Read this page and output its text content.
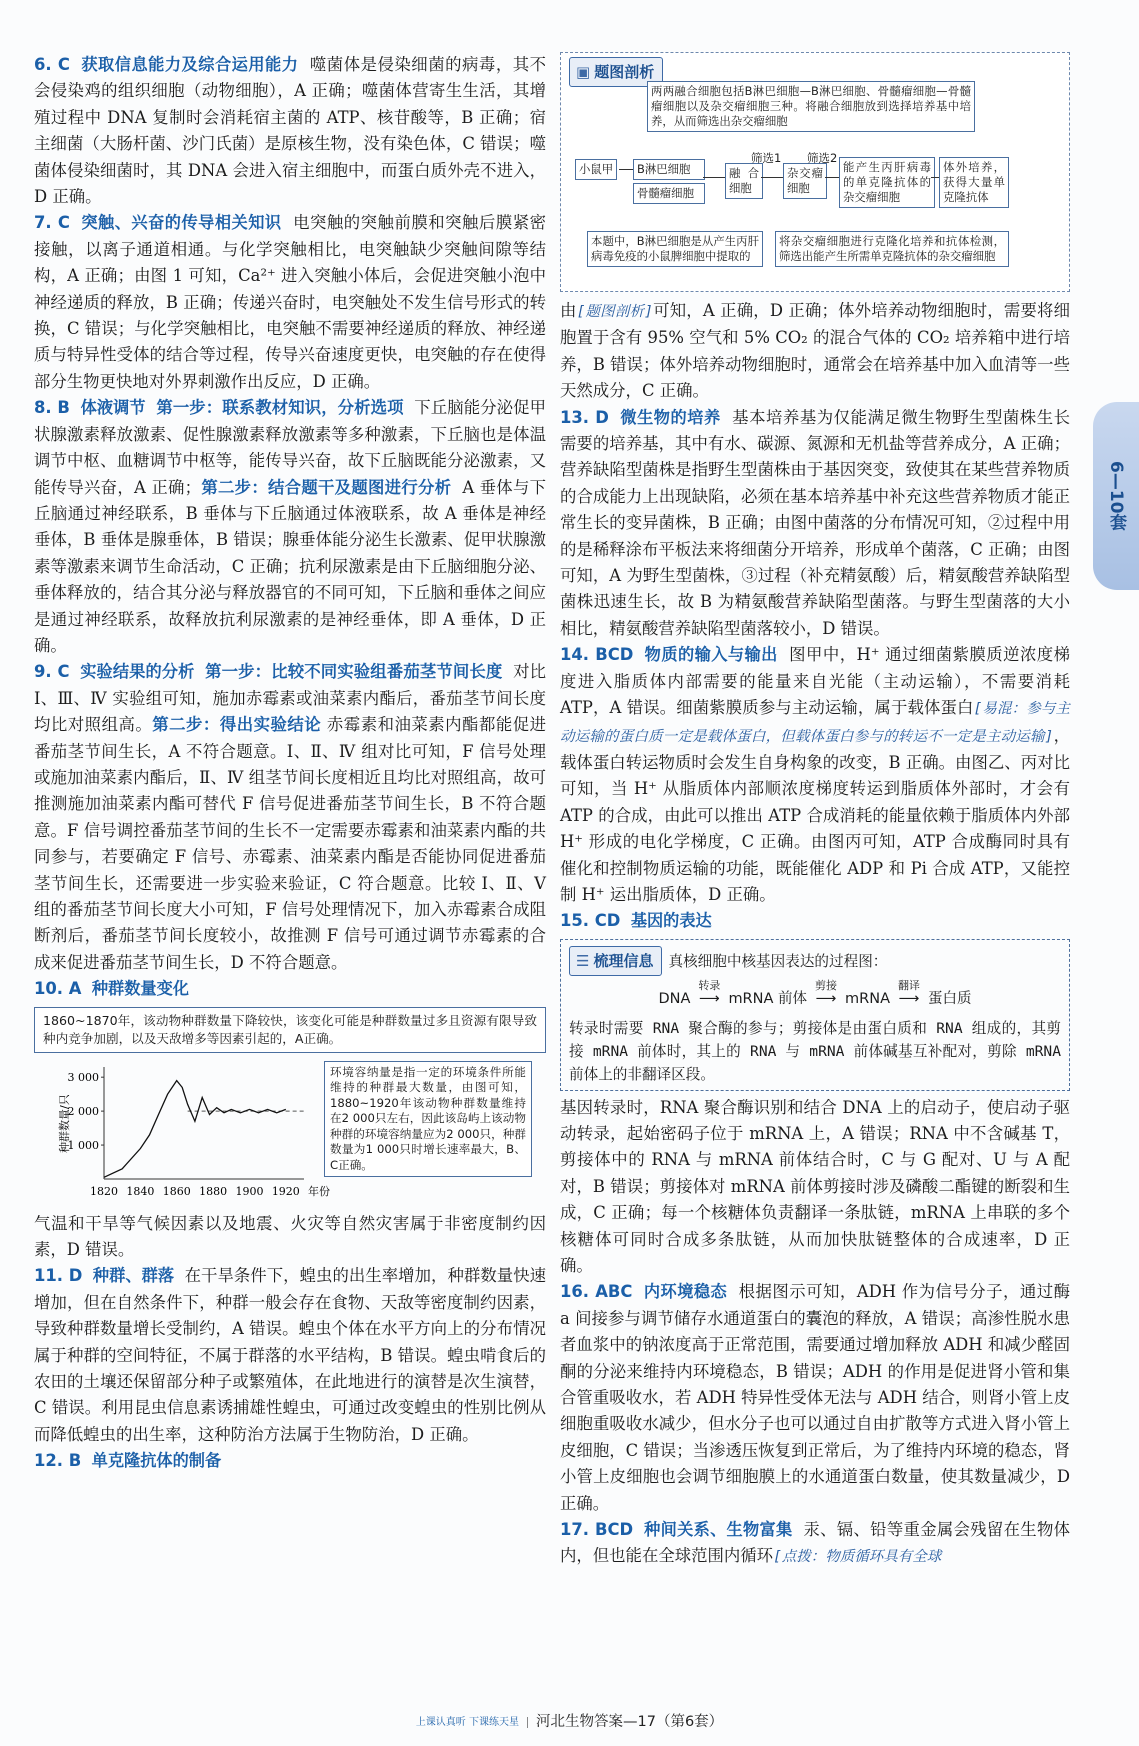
6. C 获取信息能力及综合运用能力 噬菌体是侵染细菌的病毒，其不会侵染鸡的组织细胞（动物细胞），A 正确；噬菌体营寄生生活，其增殖过程中 DNA 复制时会消耗宿主菌的 ATP、核苷酸等，B 正确；宿主细菌（大肠杆菌、沙门氏菌）是原核生物，没有染色体，C 错误；噬菌体侵染细菌时，其 DNA 会进入宿主细胞中，而蛋白质外壳不进入，D 正确。

7. C 突触、兴奋的传导相关知识 电突触的突触前膜和突触后膜紧密接触，以离子通道相通。与化学突触相比，电突触缺少突触间隙等结构，A 正确；由图 1 可知，Ca²⁺ 进入突触小体后，会促进突触小泡中神经递质的释放，B 正确；传递兴奋时，电突触处不发生信号形式的转换，C 错误；与化学突触相比，电突触不需要神经递质的释放、神经递质与特异性受体的结合等过程，传导兴奋速度更快，电突触的存在使得部分生物更快地对外界刺激作出反应，D 正确。

8. B 体液调节 第一步：联系教材知识，分析选项 下丘脑能分泌促甲状腺激素释放激素、促性腺激素释放激素等多种激素，下丘脑也是体温调节中枢、血糖调节中枢等，能传导兴奋，故下丘脑既能分泌激素，又能传导兴奋，A 正确；第二步：结合题干及题图进行分析 A 垂体与下丘脑通过神经联系，B 垂体与下丘脑通过体液联系，故 A 垂体是神经垂体，B 垂体是腺垂体，B 错误；腺垂体能分泌生长激素、促甲状腺激素等激素来调节生命活动，C 正确；抗利尿激素是由下丘脑细胞分泌、垂体释放的，结合其分泌与释放器官的不同可知，下丘脑和垂体之间应是通过神经联系，故释放抗利尿激素的是神经垂体，即 A 垂体，D 正确。

9. C 实验结果的分析 第一步：比较不同实验组番茄茎节间长度 对比 Ⅰ、Ⅲ、Ⅳ 实验组可知，施加赤霉素或油菜素内酯后，番茄茎节间长度均比对照组高。第二步：得出实验结论 赤霉素和油菜素内酯都能促进番茄茎节间生长，A 不符合题意。Ⅰ、Ⅱ、Ⅳ 组对比可知，F 信号处理或施加油菜素内酯后，Ⅱ、Ⅳ 组茎节间长度相近且均比对照组高，故可推测施加油菜素内酯可替代 F 信号促进番茄茎节间生长，B 不符合题意。F 信号调控番茄茎节间的生长不一定需要赤霉素和油菜素内酯的共同参与，若要确定 F 信号、赤霉素、油菜素内酯是否能协同促进番茄茎节间生长，还需要进一步实验来验证，C 符合题意。比较 Ⅰ、Ⅱ、Ⅴ 组的番茄茎节间长度大小可知，F 信号处理情况下，加入赤霉素合成阻断剂后，番茄茎节间长度较小，故推测 F 信号可通过调节赤霉素的合成来促进番茄茎节间生长，D 不符合题意。

10. A 种群数量变化

1860~1870年，该动物种群数量下降较快，该变化可能是种群数量过多且资源有限导致种内竞争加剧，以及天敌增多等因素引起的，A正确。
1 000
2 000
3 000
1820 1840 1860 1880 1900 1920 年份
种群数量/只
环境容纳量是指一定的环境条件所能维持的种群最大数量，由图可知，1880~1920年该动物种群数量维持在2 000只左右，因此该岛屿上该动物种群的环境容纳量应为2 000只，种群数量为1 000只时增长速率最大，B、C正确。

气温和干旱等气候因素以及地震、火灾等自然灾害属于非密度制约因素，D 错误。

11. D 种群、群落 在干旱条件下，蝗虫的出生率增加，种群数量快速增加，但在自然条件下，种群一般会存在食物、天敌等密度制约因素，导致种群数量增长受制约，A 错误。蝗虫个体在水平方向上的分布情况属于种群的空间特征，不属于群落的水平结构，B 错误。蝗虫啃食后的农田的土壤还保留部分种子或繁殖体，在此地进行的演替是次生演替，C 错误。利用昆虫信息素诱捕雄性蝗虫，可通过改变蝗虫的性别比例从而降低蝗虫的出生率，这种防治方法属于生物防治，D 正确。

12. B 单克隆抗体的制备

▣ 题图剖析
两两融合细胞包括B淋巴细胞—B淋巴细胞、骨髓瘤细胞—骨髓瘤细胞以及杂交瘤细胞三种。将融合细胞放到选择培养基中培养，从而筛选出杂交瘤细胞
小鼠甲	B淋巴细胞
骨髓瘤细胞
融合细胞
筛选1
杂交瘤细胞
筛选2
能产生丙肝病毒的单克隆抗体的杂交瘤细胞
体外培养，获得大量单克隆抗体
本题中，B淋巴细胞是从产生丙肝病毒免疫的小鼠脾细胞中提取的
将杂交瘤细胞进行克隆化培养和抗体检测，筛选出能产生所需单克隆抗体的杂交瘤细胞

由[题图剖析]可知，A 正确，D 正确；体外培养动物细胞时，需要将细胞置于含有 95% 空气和 5% CO₂ 的混合气体的 CO₂ 培养箱中进行培养，B 错误；体外培养动物细胞时，通常会在培养基中加入血清等一些天然成分，C 正确。

13. D 微生物的培养 基本培养基为仅能满足微生物野生型菌株生长需要的培养基，其中有水、碳源、氮源和无机盐等营养成分，A 正确；营养缺陷型菌株是指野生型菌株由于基因突变，致使其在某些营养物质的合成能力上出现缺陷，必须在基本培养基中补充这些营养物质才能正常生长的变异菌株，B 正确；由图中菌落的分布情况可知，②过程中用的是稀释涂布平板法来将细菌分开培养，形成单个菌落，C 正确；由图可知，A 为野生型菌株，③过程（补充精氨酸）后，精氨酸营养缺陷型菌株迅速生长，故 B 为精氨酸营养缺陷型菌落。与野生型菌落的大小相比，精氨酸营养缺陷型菌落较小，D 错误。

14. BCD 物质的输入与输出 图甲中，H⁺ 通过细菌紫膜质逆浓度梯度进入脂质体内部需要的能量来自光能（主动运输），不需要消耗 ATP，A 错误。细菌紫膜质参与主动运输，属于载体蛋白[易混：参与主动运输的蛋白质一定是载体蛋白，但载体蛋白参与的转运不一定是主动运输]，载体蛋白转运物质时会发生自身构象的改变，B 正确。由图乙、丙对比可知，当 H⁺ 从脂质体内部顺浓度梯度转运到脂质体外部时，才会有 ATP 的合成，由此可以推出 ATP 合成消耗的能量依赖于脂质体内外部 H⁺ 形成的电化学梯度，C 正确。由图丙可知，ATP 合成酶同时具有催化和控制物质运输的功能，既能催化 ADP 和 Pi 合成 ATP，又能控制 H⁺ 运出脂质体，D 正确。

15. CD 基因的表达

☰ 梳理信息 真核细胞中核基因表达的过程图：
DNA
转录
⟶ mRNA 前体
剪接
⟶ mRNA
翻译
⟶ 蛋白质
转录时需要 RNA 聚合酶的参与；剪接体是由蛋白质和 RNA 组成的，其剪接 mRNA 前体时，其上的 RNA 与 mRNA 前体碱基互补配对，剪除 mRNA 前体上的非翻译区段。

基因转录时，RNA 聚合酶识别和结合 DNA 上的启动子，使启动子驱动转录，起始密码子位于 mRNA 上，A 错误；RNA 中不含碱基 T，剪接体中的 RNA 与 mRNA 前体结合时，C 与 G 配对、U 与 A 配对，B 错误；剪接体对 mRNA 前体剪接时涉及磷酸二酯键的断裂和生成，C 正确；每一个核糖体负责翻译一条肽链，mRNA 上串联的多个核糖体可同时合成多条肽链，从而加快肽链整体的合成速率，D 正确。

16. ABC 内环境稳态 根据图示可知，ADH 作为信号分子，通过酶 a 间接参与调节储存水通道蛋白的囊泡的释放，A 错误；高渗性脱水患者血浆中的钠浓度高于正常范围，需要通过增加释放 ADH 和减少醛固酮的分泌来维持内环境稳态，B 错误；ADH 的作用是促进肾小管和集合管重吸收水，若 ADH 特异性受体无法与 ADH 结合，则肾小管上皮细胞重吸收水减少，但水分子也可以通过自由扩散等方式进入肾小管上皮细胞，C 错误；当渗透压恢复到正常后，为了维持内环境的稳态，肾小管上皮细胞也会调节细胞膜上的水通道蛋白数量，使其数量减少，D 正确。

17. BCD 种间关系、生物富集 汞、镉、铅等重金属会残留在生物体内，但也能在全球范围内循环[点拨：物质循环具有全球

6—10套
上课认真听 下课练天星 河北生物答案—17（第6套）
